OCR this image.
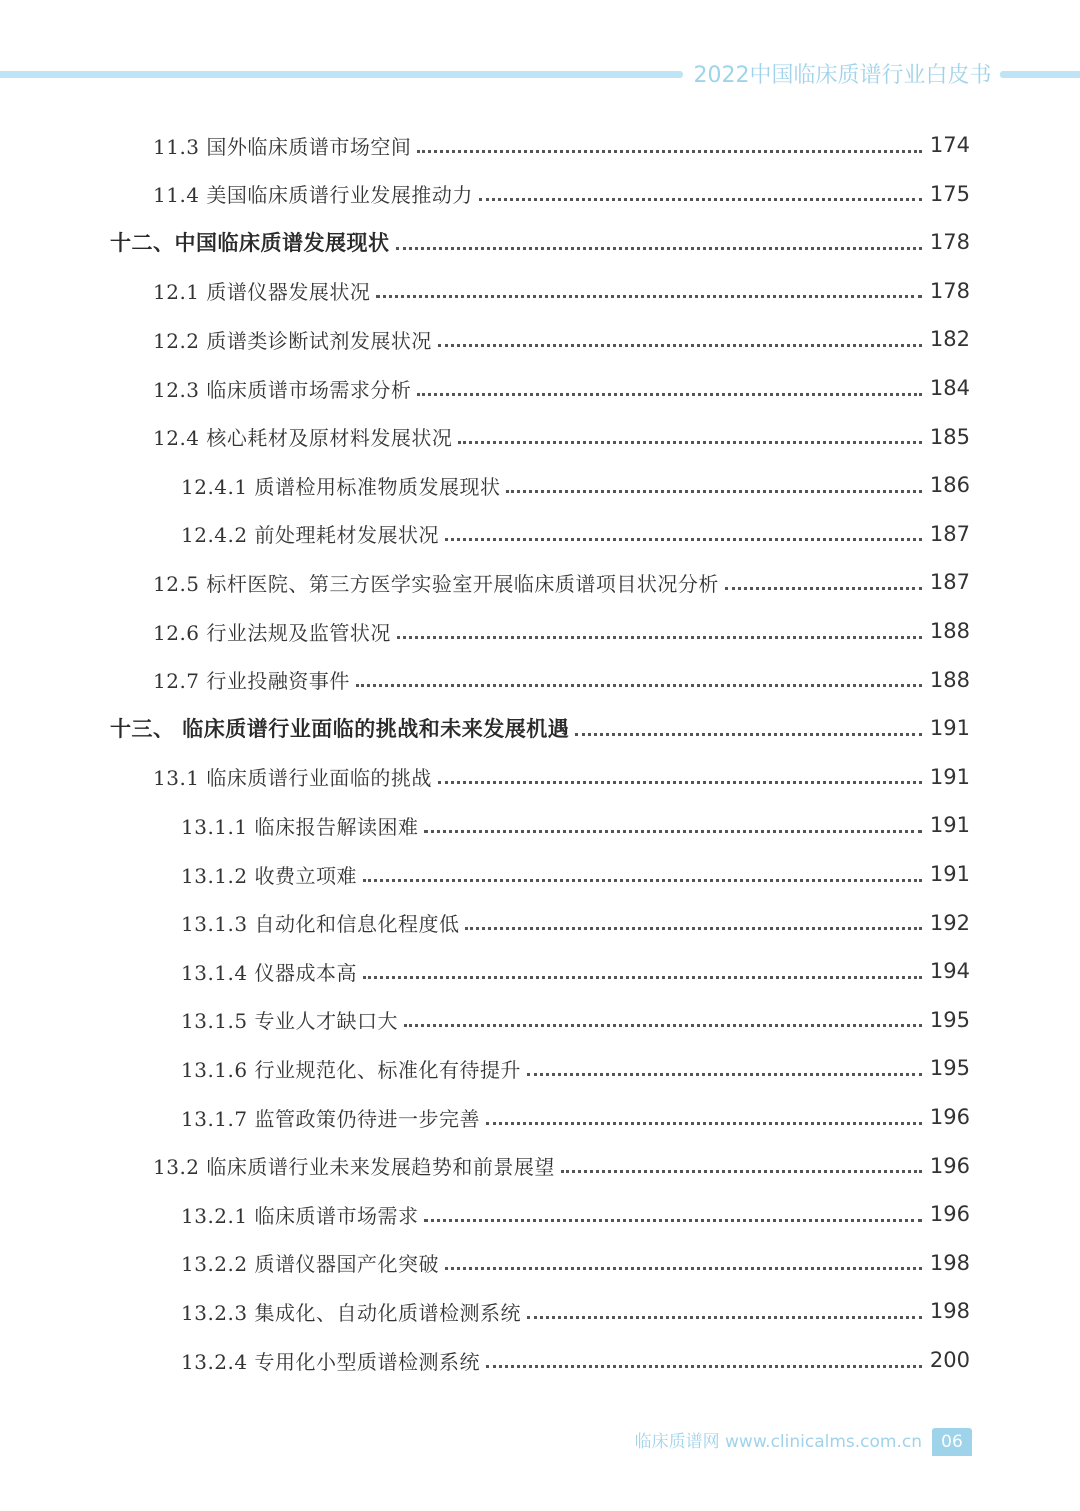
2022中国临床质谱行业白皮书
11.3 国外临床质谱市场空间	174
11.4 美国临床质谱行业发展推动力	175
十二、中国临床质谱发展现状	178
12.1 质谱仪器发展状况	178
12.2 质谱类诊断试剂发展状况	182
12.3 临床质谱市场需求分析	184
12.4 核心耗材及原材料发展状况	185
12.4.1 质谱检用标准物质发展现状	186
12.4.2 前处理耗材发展状况	187
12.5 标杆医院、第三方医学实验室开展临床质谱项目状况分析	187
12.6 行业法规及监管状况	188
12.7 行业投融资事件	188
十三、 临床质谱行业面临的挑战和未来发展机遇	191
13.1 临床质谱行业面临的挑战	191
13.1.1 临床报告解读困难	191
13.1.2 收费立项难	191
13.1.3 自动化和信息化程度低	192
13.1.4 仪器成本高	194
13.1.5 专业人才缺口大	195
13.1.6 行业规范化、标准化有待提升	195
13.1.7 监管政策仍待进一步完善	196
13.2 临床质谱行业未来发展趋势和前景展望	196
13.2.1 临床质谱市场需求	196
13.2.2 质谱仪器国产化突破	198
13.2.3 集成化、自动化质谱检测系统	198
13.2.4 专用化小型质谱检测系统	200
临床质谱网 www.clinicalms.com.cn	06
